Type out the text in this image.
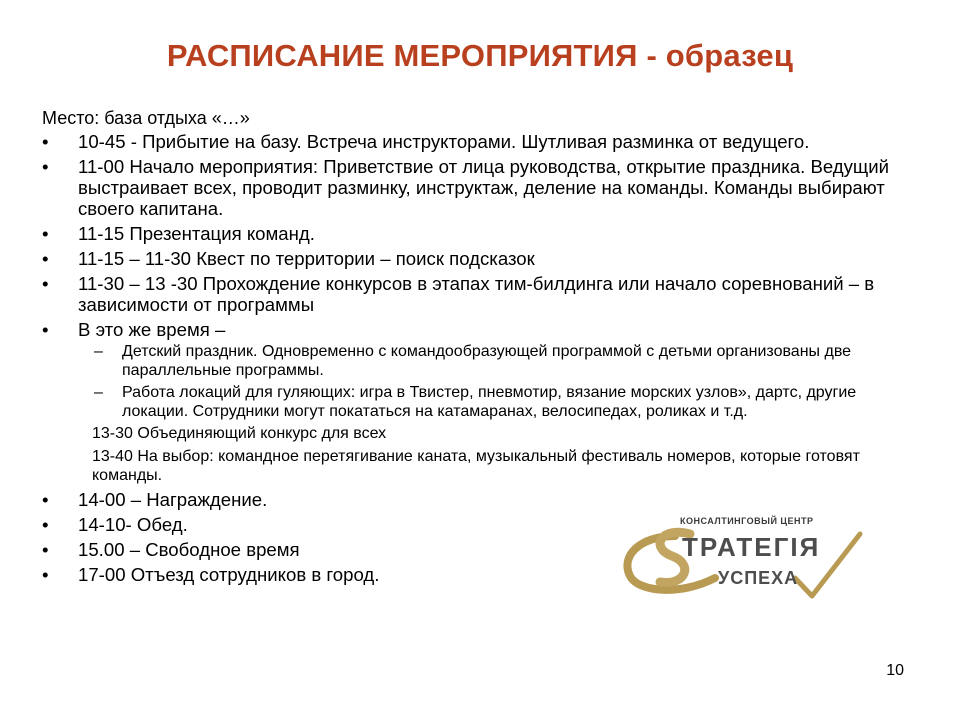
РАСПИСАНИЕ МЕРОПРИЯТИЯ - образец
Место: база отдыха «…»
• 10-45 - Прибытие на базу. Встреча инструкторами. Шутливая разминка от ведущего.
• 11-00 Начало мероприятия: Приветствие от лица руководства, открытие праздника. Ведущий выстраивает всех, проводит разминку, инструктаж, деление на команды. Команды выбирают своего капитана.
• 11-15 Презентация команд.
• 11-15 – 11-30 Квест по территории – поиск подсказок
• 11-30 – 13 -30 Прохождение конкурсов в этапах тим-билдинга или начало соревнований – в зависимости от программы
• В это же время –
– Детский праздник. Одновременно с командообразующей программой с детьми организованы две параллельные программы.
– Работа локаций для гуляющих: игра в Твистер, пневмотир, вязание морских узлов», дартс, другие локации. Сотрудники могут покататься на катамаранах, велосипедах, роликах и т.д.
13-30 Объединяющий конкурс для всех
13-40 На выбор: командное перетягивание каната, музыкальный фестиваль номеров, которые готовят команды.
• 14-00 – Награждение.
• 14-10- Обед.
• 15.00 – Свободное время
• 17-00 Отъезд сотрудников в город.
КОНСАЛТИНГОВЫЙ ЦЕНТР
ТРАТЕГIЯ
УСПЕХА
10
